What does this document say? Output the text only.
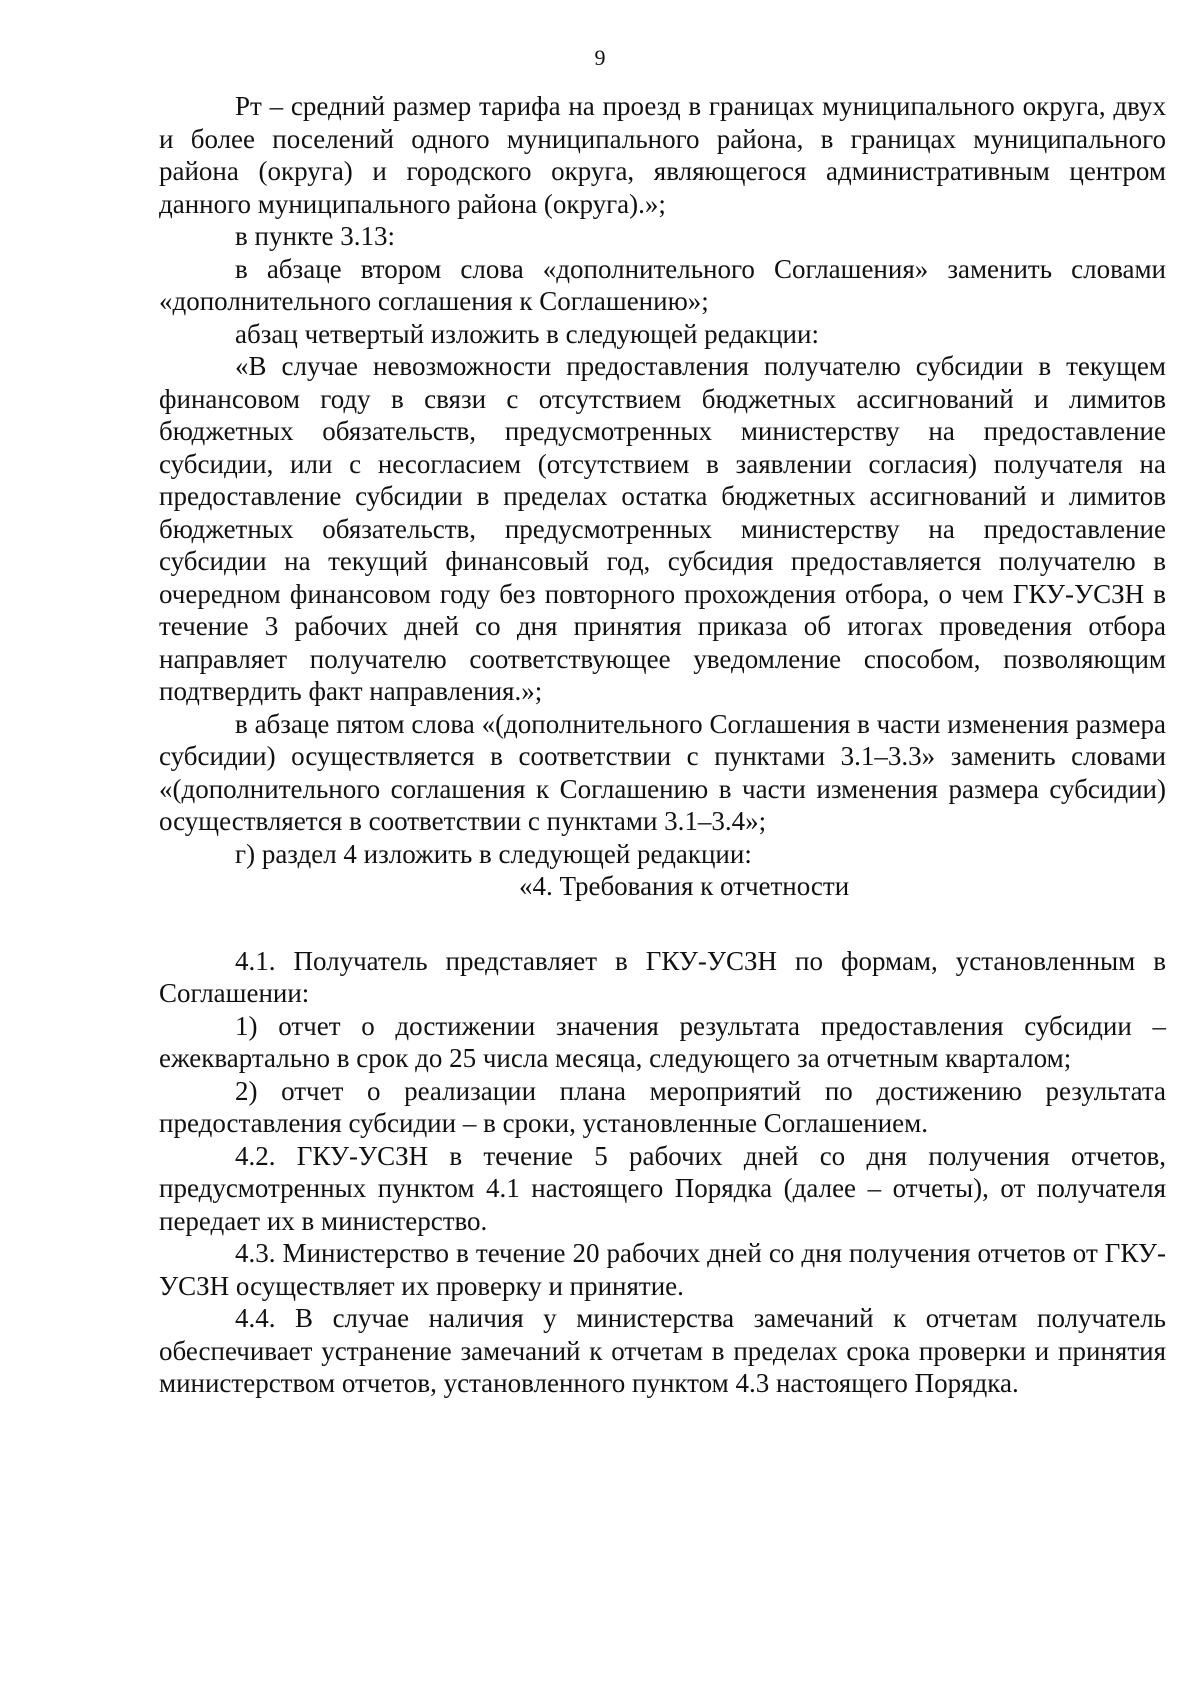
9

Рт – средний размер тарифа на проезд в границах муниципального округа, двух и более поселений одного муниципального района, в границах муниципального района (округа) и городского округа, являющегося административным центром данного муниципального района (округа).»;

в пункте 3.13:

в абзаце втором слова «дополнительного Соглашения» заменить словами «дополнительного соглашения к Соглашению»;

абзац четвертый изложить в следующей редакции:

«В случае невозможности предоставления получателю субсидии в текущем финансовом году в связи с отсутствием бюджетных ассигнований и лимитов бюджетных обязательств, предусмотренных министерству на предоставление субсидии, или с несогласием (отсутствием в заявлении согласия) получателя на предоставление субсидии в пределах остатка бюджетных ассигнований и лимитов бюджетных обязательств, предусмотренных министерству на предоставление субсидии на текущий финансовый год, субсидия предоставляется получателю в очередном финансовом году без повторного прохождения отбора, о чем ГКУ-УСЗН в течение 3 рабочих дней со дня принятия приказа об итогах проведения отбора направляет получателю соответствующее уведомление способом, позволяющим подтвердить факт направления.»;

в абзаце пятом слова «(дополнительного Соглашения в части изменения размера субсидии) осуществляется в соответствии с пунктами 3.1–3.3» заменить словами «(дополнительного соглашения к Соглашению в части изменения размера субсидии) осуществляется в соответствии с пунктами 3.1–3.4»;

г) раздел 4 изложить в следующей редакции:

«4. Требования к отчетности

4.1. Получатель представляет в ГКУ-УСЗН по формам, установленным в Соглашении:

1) отчет о достижении значения результата предоставления субсидии – ежеквартально в срок до 25 числа месяца, следующего за отчетным кварталом;

2) отчет о реализации плана мероприятий по достижению результата предоставления субсидии – в сроки, установленные Соглашением.

4.2. ГКУ-УСЗН в течение 5 рабочих дней со дня получения отчетов, предусмотренных пунктом 4.1 настоящего Порядка (далее – отчеты), от получателя передает их в министерство.

4.3. Министерство в течение 20 рабочих дней со дня получения отчетов от ГКУ-УСЗН осуществляет их проверку и принятие.

4.4. В случае наличия у министерства замечаний к отчетам получатель обеспечивает устранение замечаний к отчетам в пределах срока проверки и принятия министерством отчетов, установленного пунктом 4.3 настоящего Порядка.
